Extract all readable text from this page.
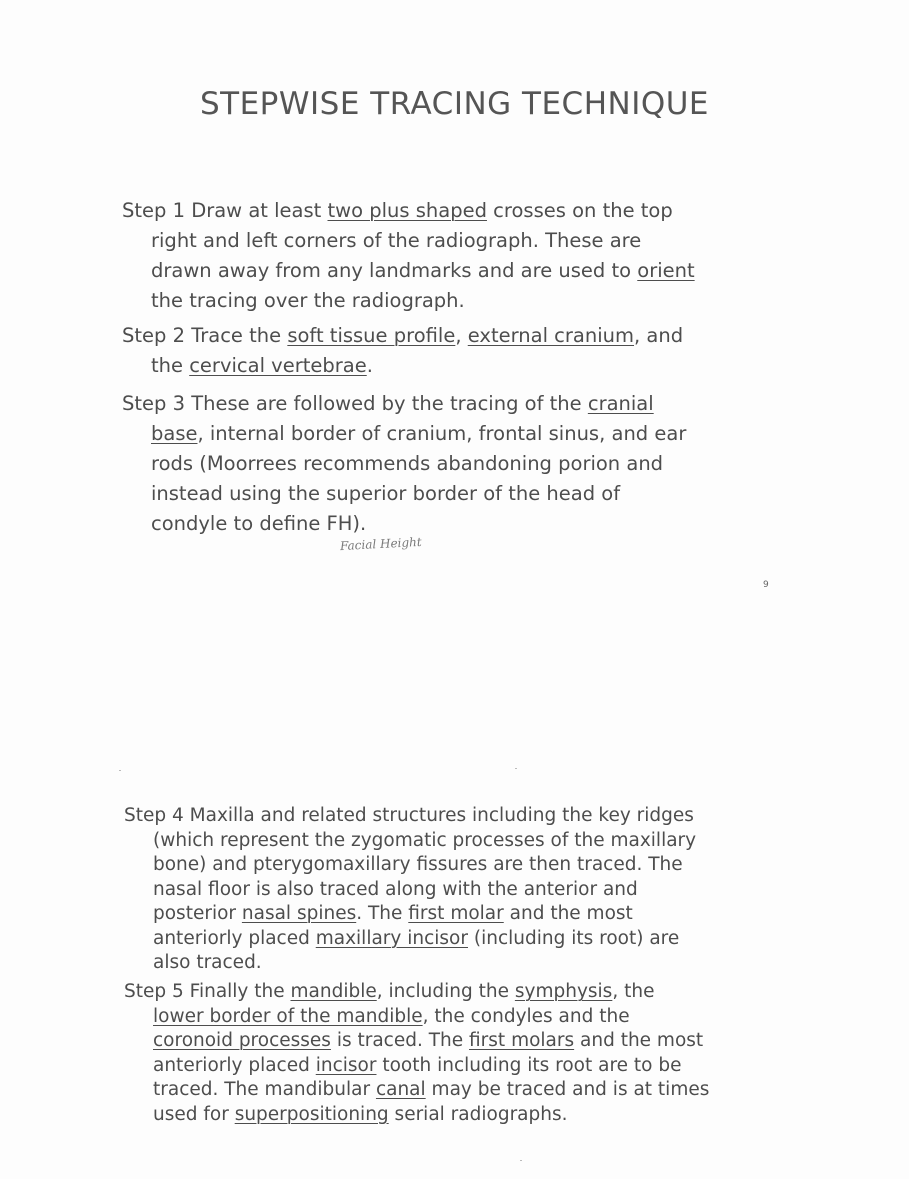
STEPWISE TRACING TECHNIQUE
Step 1 Draw at least two plus shaped crosses on the top
right and left corners of the radiograph. These are
drawn away from any landmarks and are used to orient
the tracing over the radiograph.
Step 2 Trace the soft tissue profile, external cranium, and
the cervical vertebrae.
Step 3 These are followed by the tracing of the cranial
base, internal border of cranium, frontal sinus, and ear
rods (Moorrees recommends abandoning porion and
instead using the superior border of the head of
condyle to define FH).
Facial Height
9
Step 4 Maxilla and related structures including the key ridges
(which represent the zygomatic processes of the maxillary
bone) and pterygomaxillary fissures are then traced. The
nasal floor is also traced along with the anterior and
posterior nasal spines. The first molar and the most
anteriorly placed maxillary incisor (including its root) are
also traced.
Step 5 Finally the mandible, including the symphysis, the
lower border of the mandible, the condyles and the
coronoid processes is traced. The first molars and the most
anteriorly placed incisor tooth including its root are to be
traced. The mandibular canal may be traced and is at times
used for superpositioning serial radiographs.
